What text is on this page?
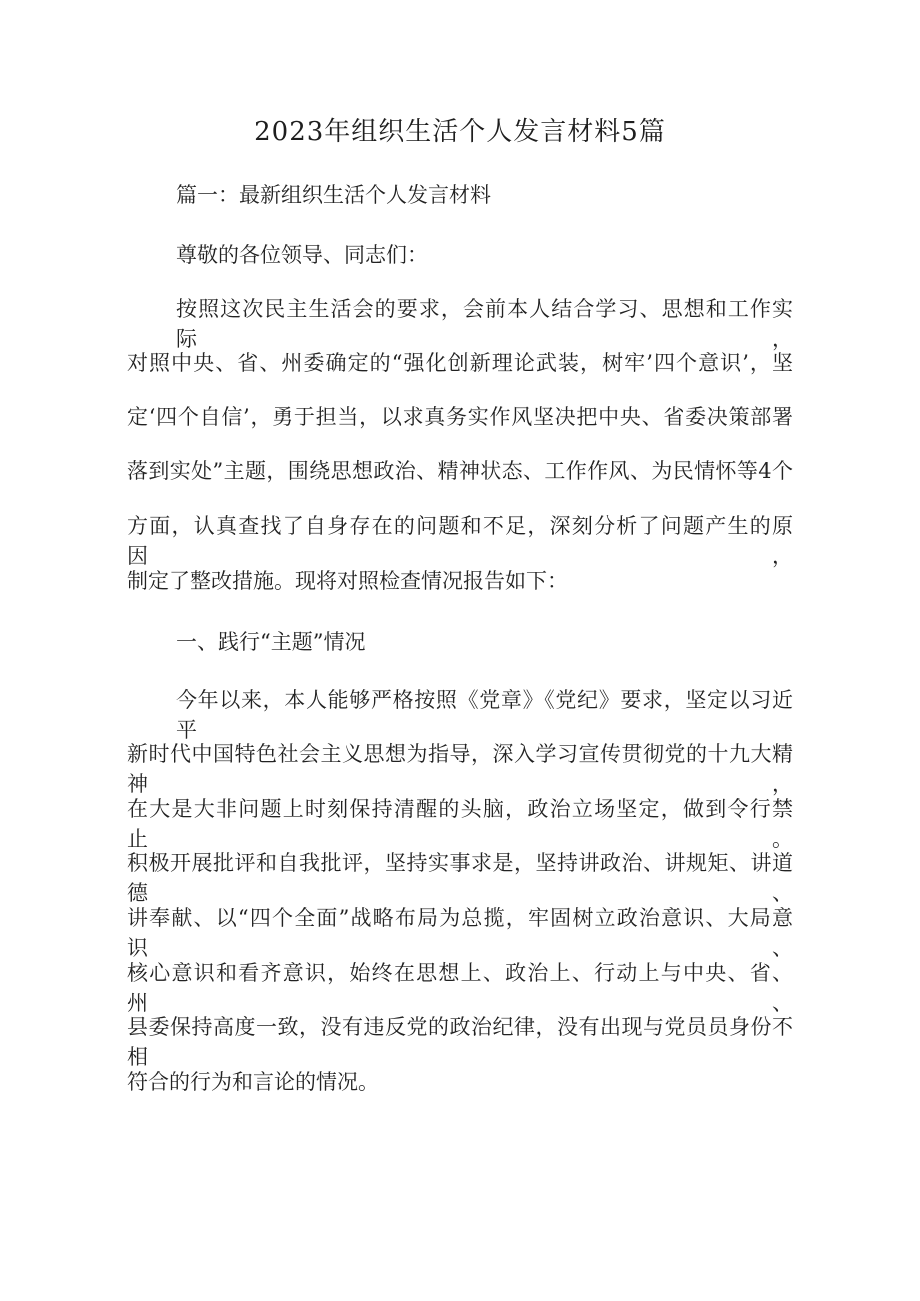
2023年组织生活个人发言材料5篇
篇一：最新组织生活个人发言材料
尊敬的各位领导、同志们：
按照这次民主生活会的要求，会前本人结合学习、思想和工作实际，
对照中央、省、州委确定的“强化创新理论武装，树牢’四个意识’，坚
定‘四个自信’，勇于担当，以求真务实作风坚决把中央、省委决策部署
落到实处”主题，围绕思想政治、精神状态、工作作风、为民情怀等4个
方面，认真查找了自身存在的问题和不足，深刻分析了问题产生的原因，
制定了整改措施。现将对照检查情况报告如下：
一、践行“主题”情况
今年以来，本人能够严格按照《党章》《党纪》要求，坚定以习近平
新时代中国特色社会主义思想为指导，深入学习宣传贯彻党的十九大精神，
在大是大非问题上时刻保持清醒的头脑，政治立场坚定，做到令行禁止。
积极开展批评和自我批评，坚持实事求是，坚持讲政治、讲规矩、讲道德、
讲奉献、以“四个全面”战略布局为总揽，牢固树立政治意识、大局意识、
核心意识和看齐意识，始终在思想上、政治上、行动上与中央、省、州、
县委保持高度一致，没有违反党的政治纪律，没有出现与党员员身份不相
符合的行为和言论的情况。
